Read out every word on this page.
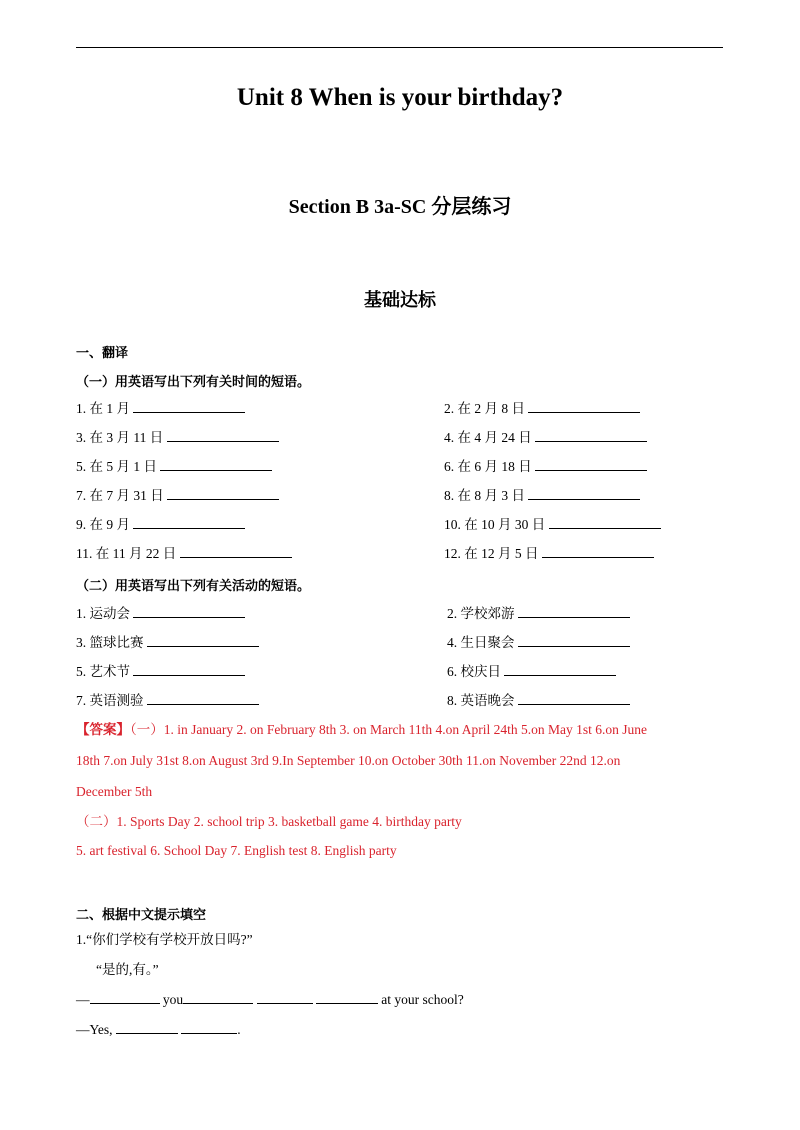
Unit 8 When is your birthday?
Section B 3a-SC 分层练习
基础达标
一、翻译
（一）用英语写出下列有关时间的短语。
1. 在 1 月	2. 在 2 月 8 日
3. 在 3 月 11 日	4. 在 4 月 24 日
5. 在 5 月 1 日	6. 在 6 月 18 日
7. 在 7 月 31 日	8. 在 8 月 3 日
9. 在 9 月	10. 在 10 月 30 日
11. 在 11 月 22 日	12. 在 12 月 5 日
（二）用英语写出下列有关活动的短语。
1. 运动会	2. 学校郊游
3. 篮球比赛	4. 生日聚会
5. 艺术节	6. 校庆日
7. 英语测验	8. 英语晚会
【答案】（一）1. in January 2. on February 8th 3. on March 11th 4.on April 24th 5.on May 1st 6.on June
18th 7.on July 31st 8.on August 3rd 9.In September 10.on October 30th 11.on November 22nd 12.on
December 5th
（二）1. Sports Day 2. school trip 3. basketball game 4. birthday party
5. art festival 6. School Day 7. English test 8. English party
二、根据中文提示填空
1.“你们学校有学校开放日吗?”
“是的,有。”
—	you	at your school?
—Yes,	.
